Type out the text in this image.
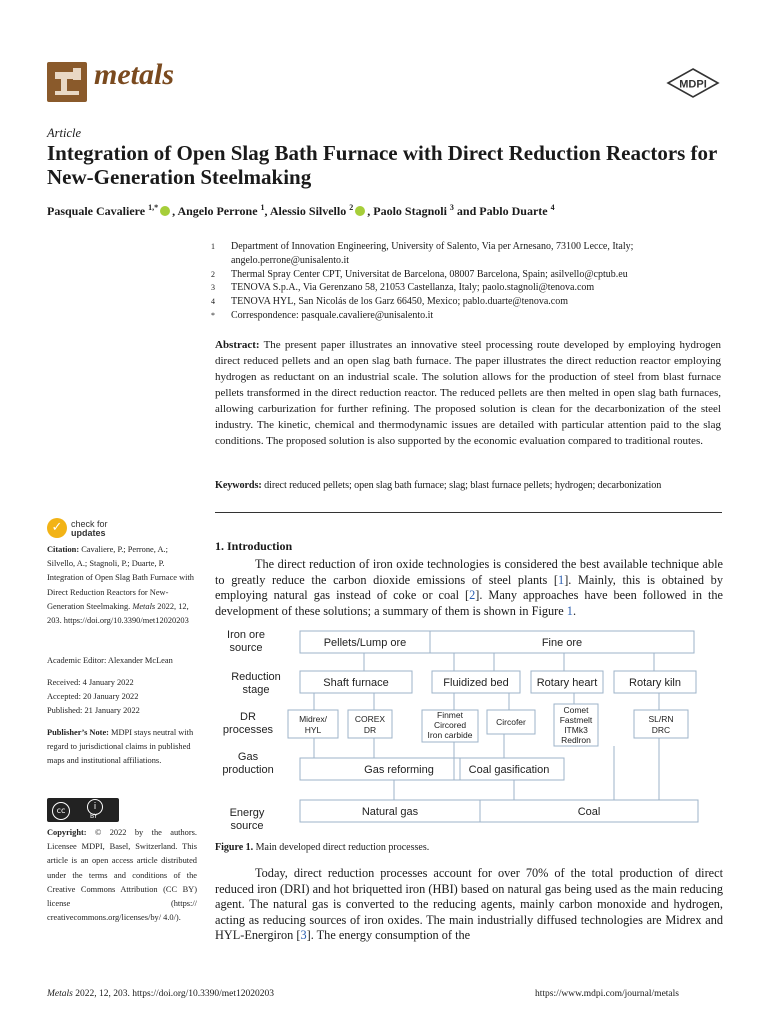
metals	MDPI
Article
Integration of Open Slag Bath Furnace with Direct Reduction Reactors for New-Generation Steelmaking
Pasquale Cavaliere $^{1,*}$ , Angelo Perrone $^1$, Alessio Silvello $^2$ , Paolo Stagnoli $^3$ and Pablo Duarte $^4$
1	Department of Innovation Engineering, University of Salento, Via per Arnesano, 73100 Lecce, Italy; angelo.perrone@unisalento.it
2	Thermal Spray Center CPT, Universitat de Barcelona, 08007 Barcelona, Spain; asilvello@cptub.eu
3	TENOVA S.p.A., Via Gerenzano 58, 21053 Castellanza, Italy; paolo.stagnoli@tenova.com
4	TENOVA HYL, San Nicolás de los Garz 66450, Mexico; pablo.duarte@tenova.com
*	Correspondence: pasquale.cavaliere@unisalento.it
Abstract: The present paper illustrates an innovative steel processing route developed by employing hydrogen direct reduced pellets and an open slag bath furnace. The paper illustrates the direct reduction reactor employing hydrogen as reductant on an industrial scale. The solution allows for the production of steel from blast furnace pellets transformed in the direct reduction reactor. The reduced pellets are then melted in open slag bath furnaces, allowing carburization for further refining. The proposed solution is clean for the decarbonization of the steel industry. The kinetic, chemical and thermodynamic issues are detailed with particular attention paid to the slag conditions. The proposed solution is also supported by the economic evaluation compared to traditional routes.
Keywords: direct reduced pellets; open slag bath furnace; slag; blast furnace pellets; hydrogen; decarbonization
✓ check for
updates
Citation: Cavaliere, P.; Perrone, A.; Silvello, A.; Stagnoli, P.; Duarte, P. Integration of Open Slag Bath Furnace with Direct Reduction Reactors for New-Generation Steelmaking. Metals 2022, 12, 203. https://doi.org/10.3390/met12020203
Academic Editor: Alexander McLean
Received: 4 January 2022
Accepted: 20 January 2022
Published: 21 January 2022
Publisher’s Note: MDPI stays neutral with regard to jurisdictional claims in published maps and institutional affiliations.
cc	i
BY
Copyright: © 2022 by the authors. Licensee MDPI, Basel, Switzerland. This article is an open access article distributed under the terms and conditions of the Creative Commons Attribution (CC BY) license (https:// creativecommons.org/licenses/by/ 4.0/).
1. Introduction
The direct reduction of iron oxide technologies is considered the best available technique able to greatly reduce the carbon dioxide emissions of steel plants [1]. Mainly, this is obtained by employing natural gas instead of coke or coal [2]. Many approaches have been followed in the development of these solutions; a summary of them is shown in Figure 1.
Iron ore source
Reduction stage
DR processes
Gas production
Energy source
Pellets/Lump ore	Fine ore
Shaft furnace	Fluidized bed	Rotary heart	Rotary kiln
Gas reforming	Coal gasification
Natural gas	Coal
Midrex/ HYL
COREX DR
Finmet Circored Iron carbide
Circofer
Comet Fastmelt ITMk3 Redlron
SL/RN DRC
Figure 1. Main developed direct reduction processes.
Today, direct reduction processes account for over 70% of the total production of direct reduced iron (DRI) and hot briquetted iron (HBI) based on natural gas being used as the main reducing agent. The natural gas is converted to the reducing agents, mainly carbon monoxide and hydrogen, acting as reducing sources of iron oxides. The main industrially diffused technologies are Midrex and HYL-Energiron [3]. The energy consumption of the
Metals 2022, 12, 203. https://doi.org/10.3390/met12020203	https://www.mdpi.com/journal/metals
